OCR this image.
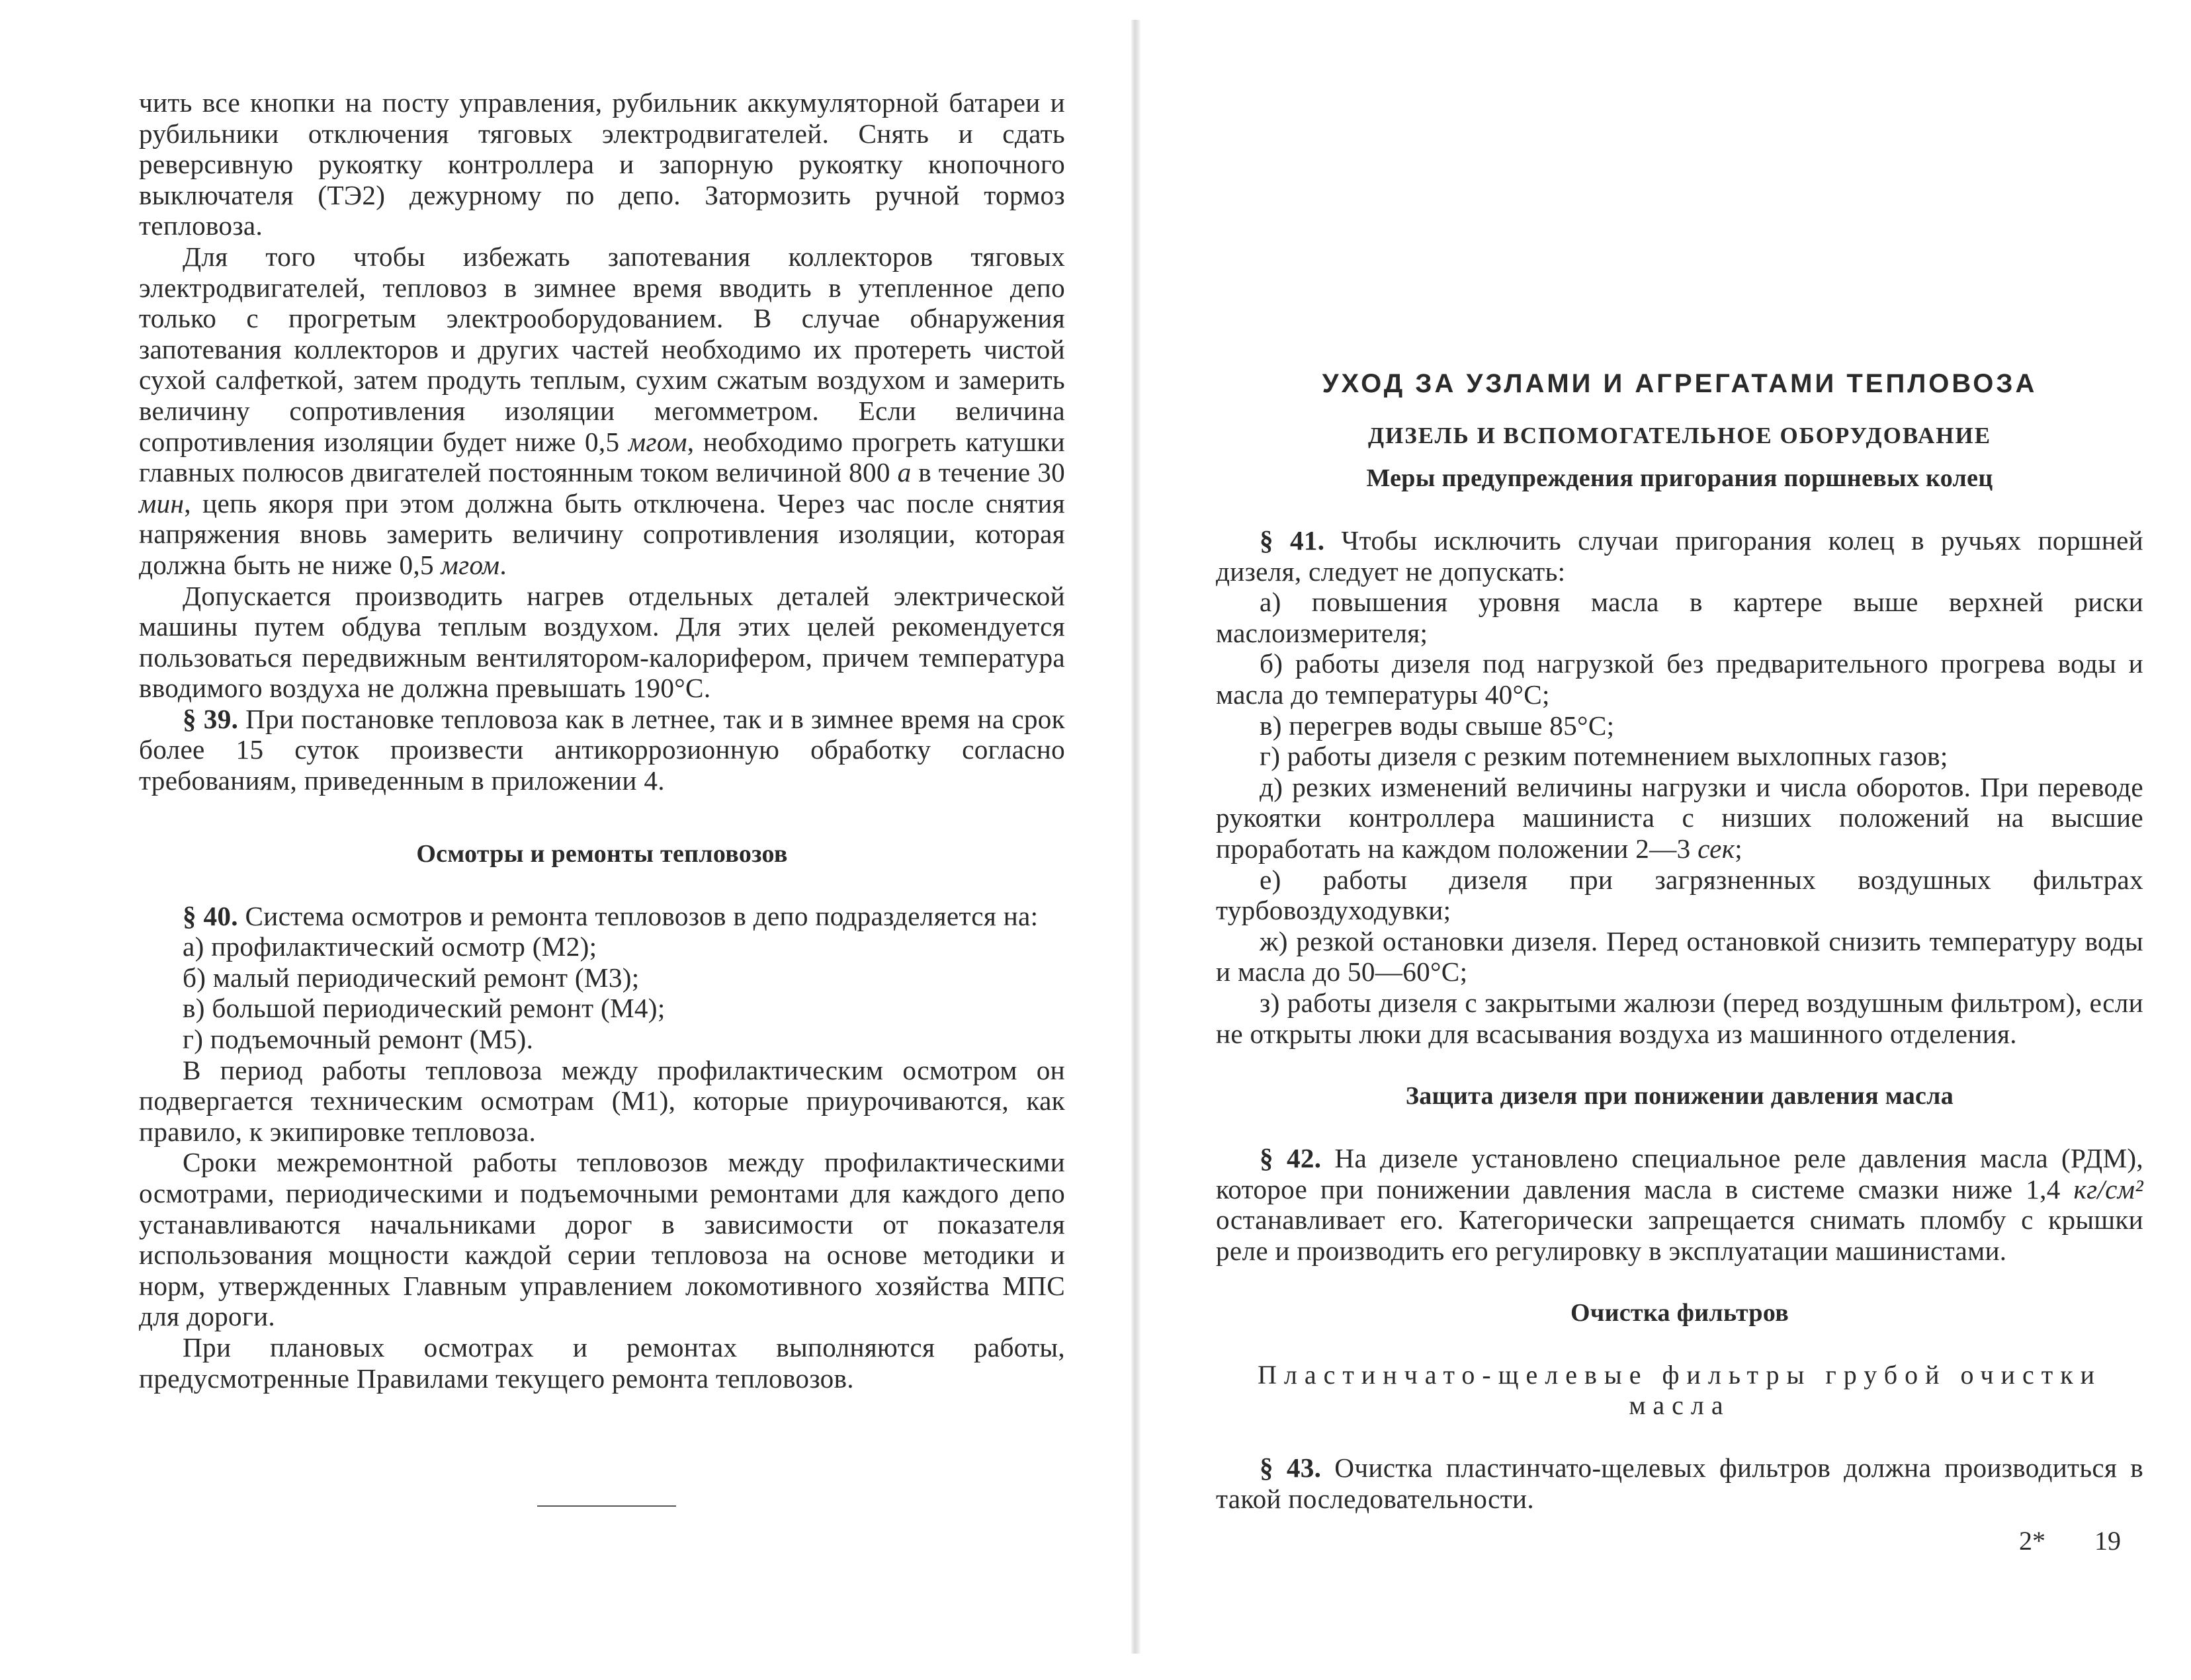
чить все кнопки на посту управления, рубильник аккумуляторной батареи и рубильники отключения тяговых электродвигателей. Снять и сдать реверсивную рукоятку контроллера и запорную рукоятку кнопочного выключателя (ТЭ2) дежурному по депо. Затормозить ручной тормоз тепловоза.

Для того чтобы избежать запотевания коллекторов тяговых электродвигателей, тепловоз в зимнее время вводить в утепленное депо только с прогретым электрооборудованием. В случае обнаружения запотевания коллекторов и других частей необходимо их протереть чистой сухой салфеткой, затем продуть теплым, сухим сжатым воздухом и замерить величину сопротивления изоляции мегомметром. Если величина сопротивления изоляции будет ниже 0,5 мгом, необходимо прогреть катушки главных полюсов двигателей постоянным током величиной 800 а в течение 30 мин, цепь якоря при этом должна быть отключена. Через час после снятия напряжения вновь замерить величину сопротивления изоляции, которая должна быть не ниже 0,5 мгом.

Допускается производить нагрев отдельных деталей электрической машины путем обдува теплым воздухом. Для этих целей рекомендуется пользоваться передвижным вентилятором-калорифером, причем температура вводимого воздуха не должна превышать 190°С.

§ 39. При постановке тепловоза как в летнее, так и в зимнее время на срок более 15 суток произвести антикоррозионную обработку согласно требованиям, приведенным в приложении 4.

Осмотры и ремонты тепловозов

§ 40. Система осмотров и ремонта тепловозов в депо подразделяется на:

а) профилактический осмотр (М2);

б) малый периодический ремонт (М3);

в) большой периодический ремонт (М4);

г) подъемочный ремонт (М5).

В период работы тепловоза между профилактическим осмотром он подвергается техническим осмотрам (М1), которые приурочиваются, как правило, к экипировке тепловоза.

Сроки межремонтной работы тепловозов между профилактическими осмотрами, периодическими и подъемочными ремонтами для каждого депо устанавливаются начальниками дорог в зависимости от показателя использования мощности каждой серии тепловоза на основе методики и норм, утвержденных Главным управлением локомотивного хозяйства МПС для дороги.

При плановых осмотрах и ремонтах выполняются работы, предусмотренные Правилами текущего ремонта тепловозов.

УХОД ЗА УЗЛАМИ И АГРЕГАТАМИ ТЕПЛОВОЗА
ДИЗЕЛЬ И ВСПОМОГАТЕЛЬНОЕ ОБОРУДОВАНИЕ
Меры предупреждения пригорания поршневых колец

§ 41. Чтобы исключить случаи пригорания колец в ручьях поршней дизеля, следует не допускать:

а) повышения уровня масла в картере выше верхней риски маслоизмерителя;

б) работы дизеля под нагрузкой без предварительного прогрева воды и масла до температуры 40°С;

в) перегрев воды свыше 85°С;

г) работы дизеля с резким потемнением выхлопных газов;

д) резких изменений величины нагрузки и числа оборотов. При переводе рукоятки контроллера машиниста с низших положений на высшие проработать на каждом положении 2—3 сек;

е) работы дизеля при загрязненных воздушных фильтрах турбовоздуходувки;

ж) резкой остановки дизеля. Перед остановкой снизить температуру воды и масла до 50—60°С;

з) работы дизеля с закрытыми жалюзи (перед воздушным фильтром), если не открыты люки для всасывания воздуха из машинного отделения.

Защита дизеля при понижении давления масла

§ 42. На дизеле установлено специальное реле давления масла (РДМ), которое при понижении давления масла в системе смазки ниже 1,4 кг/см² останавливает его. Категорически запрещается снимать пломбу с крышки реле и производить его регулировку в эксплуатации машинистами.

Очистка фильтров
Пластинчато-щелевые фильтры грубой очистки масла

§ 43. Очистка пластинчато-щелевых фильтров должна производиться в такой последовательности.

2* 19
